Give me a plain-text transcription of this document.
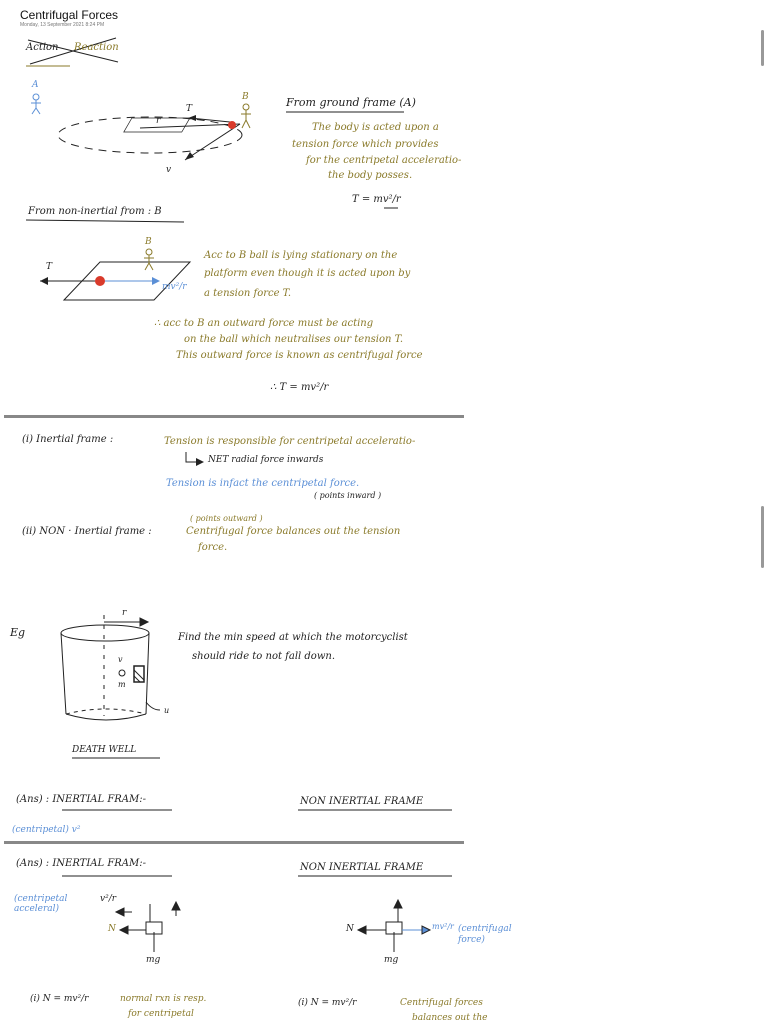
Centrifugal Forces
Monday, 13 September 2021 8:24 PM
Action Reaction
A
B
T
r
v
From ground frame (A)
The body is acted upon a
tension force which provides
for the centripetal acceleratio-
the body posses.
T = mv²/r
From non-inertial from : B
B
T
mv²/r
Acc to B ball is lying stationary on the
platform even though it is acted upon by
a tension force T.
∴ acc to B an outward force must be acting
on the ball which neutralises our tension T.
This outward force is known as centrifugal force
∴ T = mv²/r
(i) Inertial frame :	Tension is responsible for centripetal acceleratio-
NET radial force inwards
Tension is infact the centripetal force.
( points inward )
( points outward )
(ii) NON · Inertial frame :	Centrifugal force balances out the tension
force.
Eg
r
v
m
u
Find the min speed at which the motorcyclist
should ride to not fall down.
DEATH WELL
(Ans) : INERTIAL FRAM:-	NON INERTIAL FRAME
(centripetal) v²
(Ans) : INERTIAL FRAM:-	NON INERTIAL FRAME
(centripetal acceleral)
v²/r
N
mg
N
mg
mv²/r (centrifugal force)
(i) N = mv²/r	normal rxn is resp.
for centripetal
(i) N = mv²/r	Centrifugal forces
balances out the
